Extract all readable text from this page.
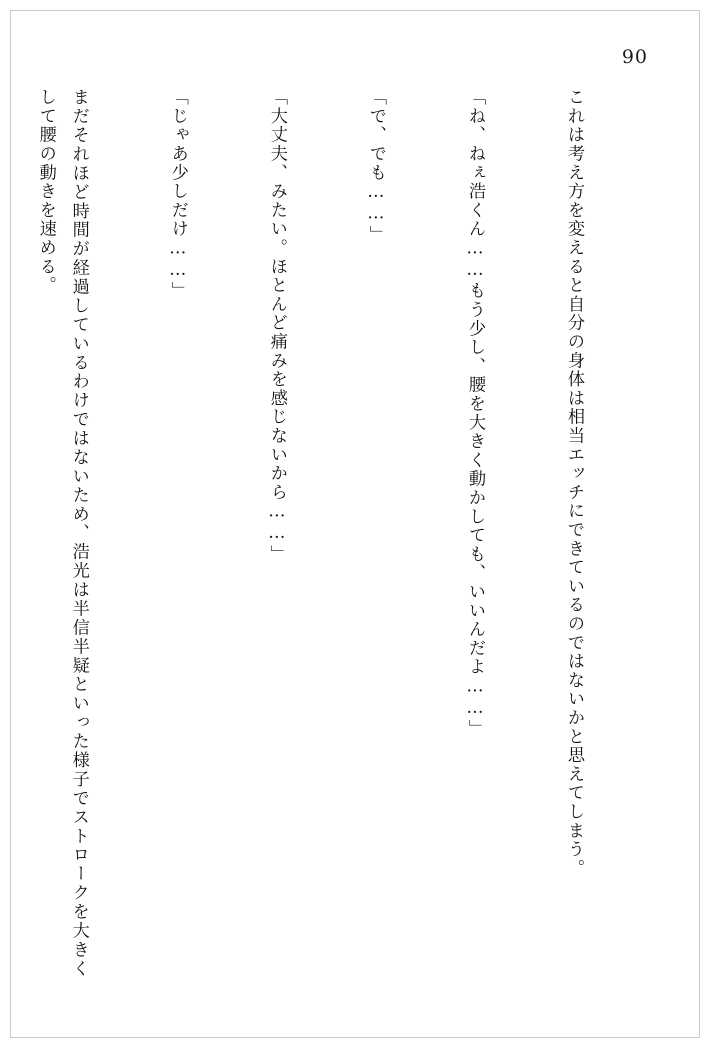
90

これは考え方を変えると自分の身体は相当エッチにできているのではないかと思えてしまう。

「ね、ねぇ浩くん……もう少し、腰を大きく動かしても、いいんだよ……」

「で、でも……」

「大丈夫、みたい。ほとんど痛みを感じないから……」

「じゃあ少しだけ……」

まだそれほど時間が経過しているわけではないため、浩光は半信半疑といった様子でストロークを大きくして腰の動きを速める。
